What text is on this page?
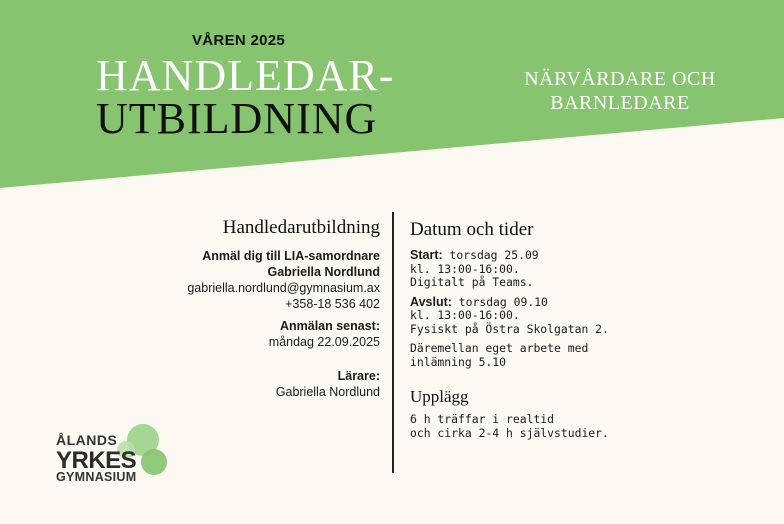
VÅREN 2025
HANDLEDAR-
UTBILDNING
NÄRVÅRDARE OCH
BARNLEDARE
Handledarutbildning
Anmäl dig till LIA-samordnare
Gabriella Nordlund
gabriella.nordlund@gymnasium.ax
+358-18 536 402
Anmälan senast:
måndag 22.09.2025
Lärare:
Gabriella Nordlund
Datum och tider
Start: torsdag 25.09
kl. 13:00-16:00.
Digitalt på Teams.
Avslut: torsdag 09.10
kl. 13:00-16:00.
Fysiskt på Östra Skolgatan 2.
Däremellan eget arbete med
inlämning 5.10
Upplägg
6 h träffar i realtid
och cirka 2-4 h självstudier.
ÅLANDS
YRKES
GYMNASIUM
